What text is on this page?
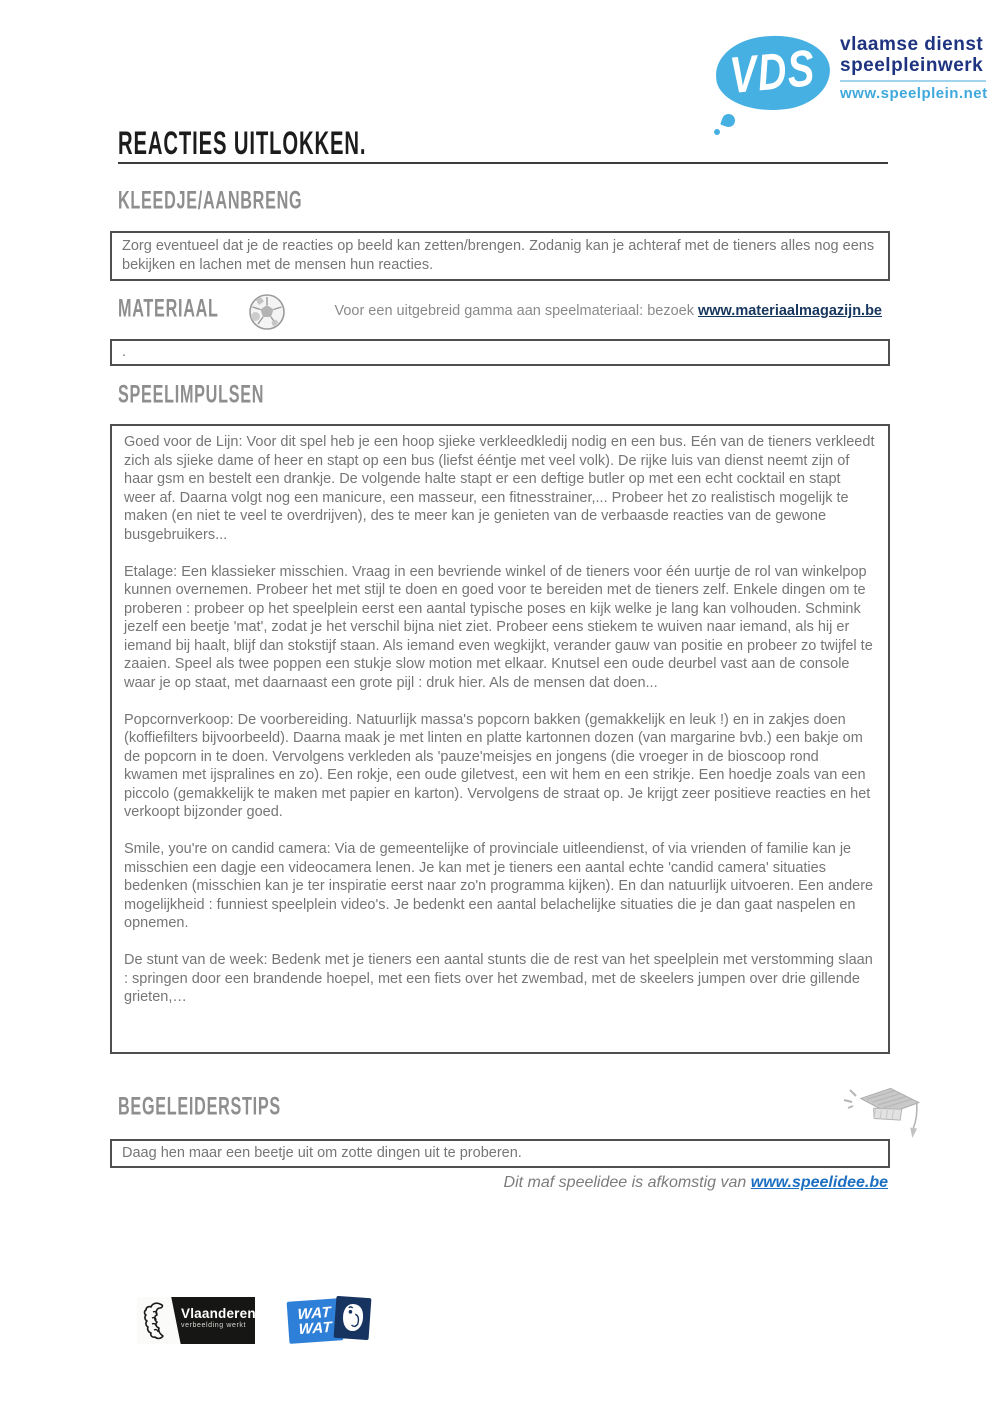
VDS vlaamse dienst
speelpleinwerk
www.speelplein.net
REACTIES UITLOKKEN.
KLEEDJE/AANBRENG
Zorg eventueel dat je de reacties op beeld kan zetten/brengen. Zodanig kan je achteraf met de tieners alles nog eens bekijken en lachen met de mensen hun reacties.
MATERIAAL	Voor een uitgebreid gamma aan speelmateriaal: bezoek www.materiaalmagazijn.be
.
SPEELIMPULSEN

Goed voor de Lijn: Voor dit spel heb je een hoop sjieke verkleedkledij nodig en een bus. Eén van de tieners verkleedt zich als sjieke dame of heer en stapt op een bus (liefst ééntje met veel volk). De rijke luis van dienst neemt zijn of haar gsm en bestelt een drankje. De volgende halte stapt er een deftige butler op met een echt cocktail en stapt weer af. Daarna volgt nog een manicure, een masseur, een fitnesstrainer,... Probeer het zo realistisch mogelijk te maken (en niet te veel te overdrijven), des te meer kan je genieten van de verbaasde reacties van de gewone busgebruikers...

Etalage: Een klassieker misschien. Vraag in een bevriende winkel of de tieners voor één uurtje de rol van winkelpop kunnen overnemen. Probeer het met stijl te doen en goed voor te bereiden met de tieners zelf. Enkele dingen om te proberen : probeer op het speelplein eerst een aantal typische poses en kijk welke je lang kan volhouden. Schmink jezelf een beetje 'mat', zodat je het verschil bijna niet ziet. Probeer eens stiekem te wuiven naar iemand, als hij er iemand bij haalt, blijf dan stokstijf staan. Als iemand even wegkijkt, verander gauw van positie en probeer zo twijfel te zaaien. Speel als twee poppen een stukje slow motion met elkaar. Knutsel een oude deurbel vast aan de console waar je op staat, met daarnaast een grote pijl : druk hier. Als de mensen dat doen...

Popcornverkoop: De voorbereiding. Natuurlijk massa's popcorn bakken (gemakkelijk en leuk !) en in zakjes doen (koffiefilters bijvoorbeeld). Daarna maak je met linten en platte kartonnen dozen (van margarine bvb.) een bakje om de popcorn in te doen. Vervolgens verkleden als 'pauze'meisjes en jongens (die vroeger in de bioscoop rond kwamen met ijspralines en zo). Een rokje, een oude giletvest, een wit hem en een strikje. Een hoedje zoals van een piccolo (gemakkelijk te maken met papier en karton). Vervolgens de straat op. Je krijgt zeer positieve reacties en het verkoopt bijzonder goed.

Smile, you're on candid camera: Via de gemeentelijke of provinciale uitleendienst, of via vrienden of familie kan je misschien een dagje een videocamera lenen. Je kan met je tieners een aantal echte 'candid camera' situaties bedenken (misschien kan je ter inspiratie eerst naar zo'n programma kijken). En dan natuurlijk uitvoeren. Een andere mogelijkheid : funniest speelplein video's. Je bedenkt een aantal belachelijke situaties die je dan gaat naspelen en opnemen.

De stunt van de week: Bedenk met je tieners een aantal stunts die de rest van het speelplein met verstomming slaan : springen door een brandende hoepel, met een fiets over het zwembad, met de skeelers jumpen over drie gillende grieten,…

BEGELEIDERSTIPS
Daag hen maar een beetje uit om zotte dingen uit te proberen.
Dit maf speelidee is afkomstig van www.speelidee.be
Vlaanderen
verbeelding werkt
WAT
WAT
